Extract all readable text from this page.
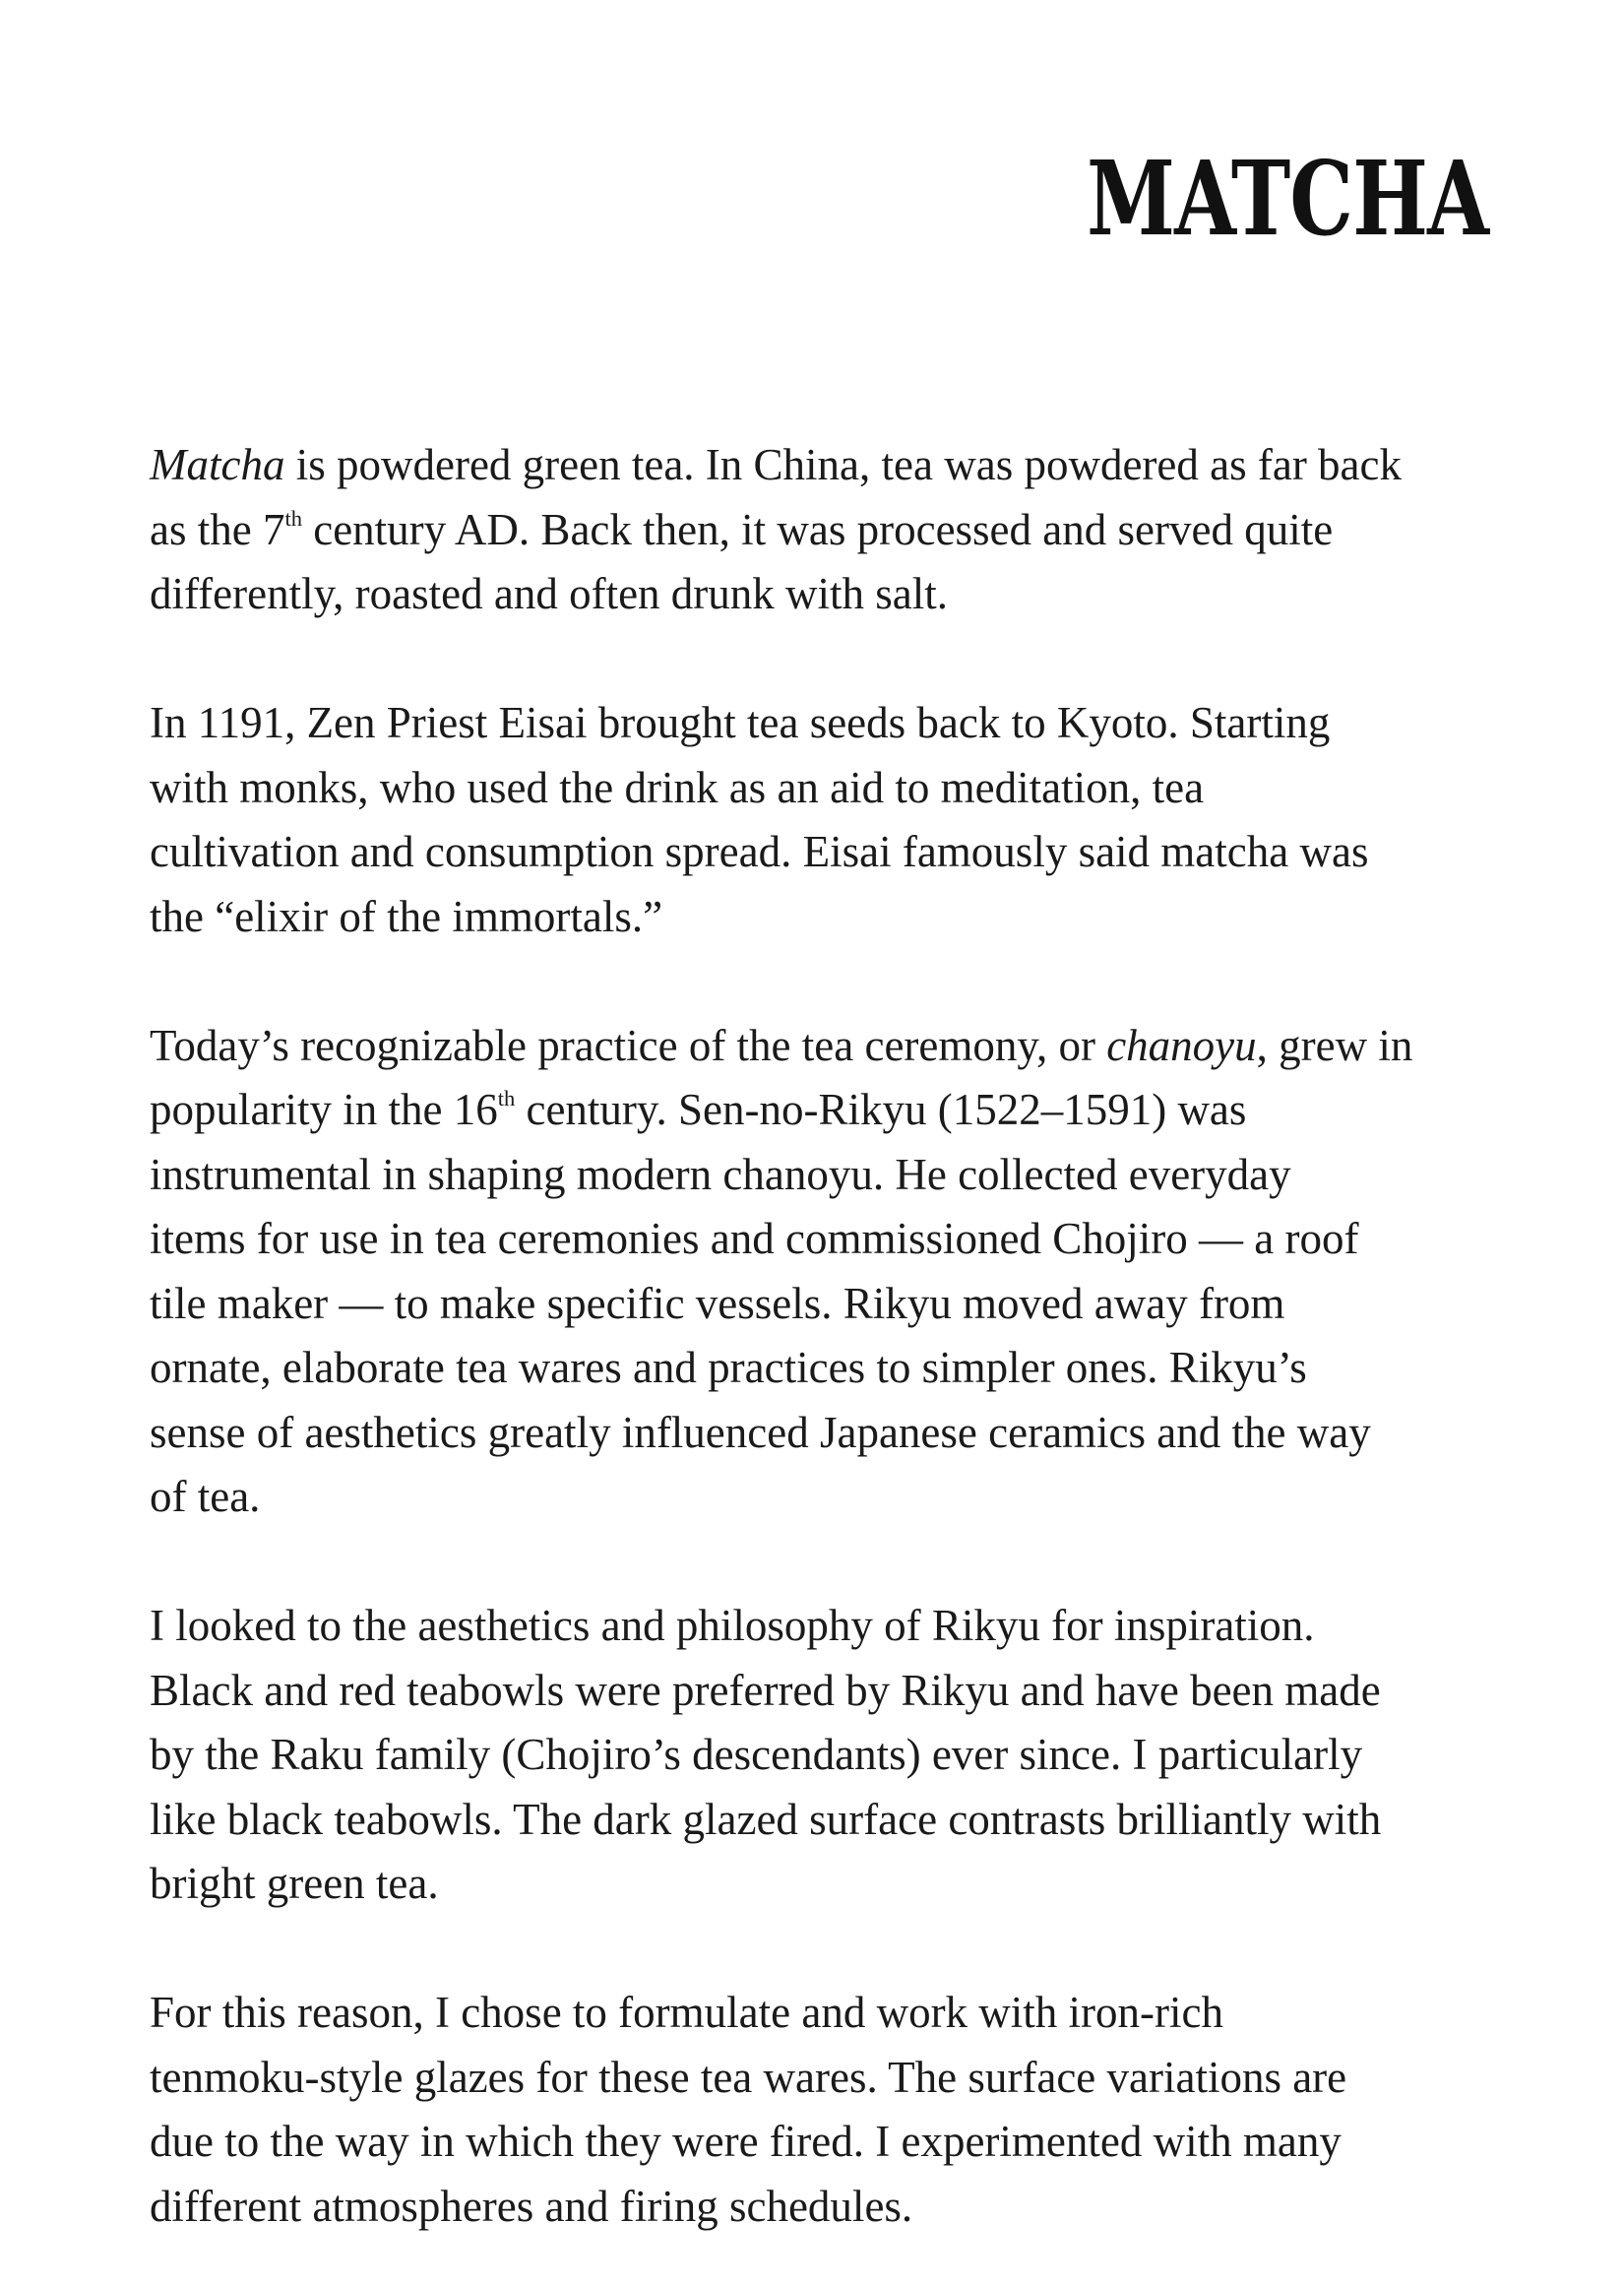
MATCHA

Matcha is powdered green tea. In China, tea was powdered as far back
as the 7th century AD. Back then, it was processed and served quite
differently, roasted and often drunk with salt.

In 1191, Zen Priest Eisai brought tea seeds back to Kyoto. Starting
with monks, who used the drink as an aid to meditation, tea
cultivation and consumption spread. Eisai famously said matcha was
the “elixir of the immortals.”

Today’s recognizable practice of the tea ceremony, or chanoyu, grew in
popularity in the 16th century. Sen-no-Rikyu (1522–1591) was
instrumental in shaping modern chanoyu. He collected everyday
items for use in tea ceremonies and commissioned Chojiro — a roof
tile maker — to make specific vessels. Rikyu moved away from
ornate, elaborate tea wares and practices to simpler ones. Rikyu’s
sense of aesthetics greatly influenced Japanese ceramics and the way
of tea.

I looked to the aesthetics and philosophy of Rikyu for inspiration.
Black and red teabowls were preferred by Rikyu and have been made
by the Raku family (Chojiro’s descendants) ever since. I particularly
like black teabowls. The dark glazed surface contrasts brilliantly with
bright green tea.

For this reason, I chose to formulate and work with iron-rich
tenmoku-style glazes for these tea wares. The surface variations are
due to the way in which they were fired. I experimented with many
different atmospheres and firing schedules.
